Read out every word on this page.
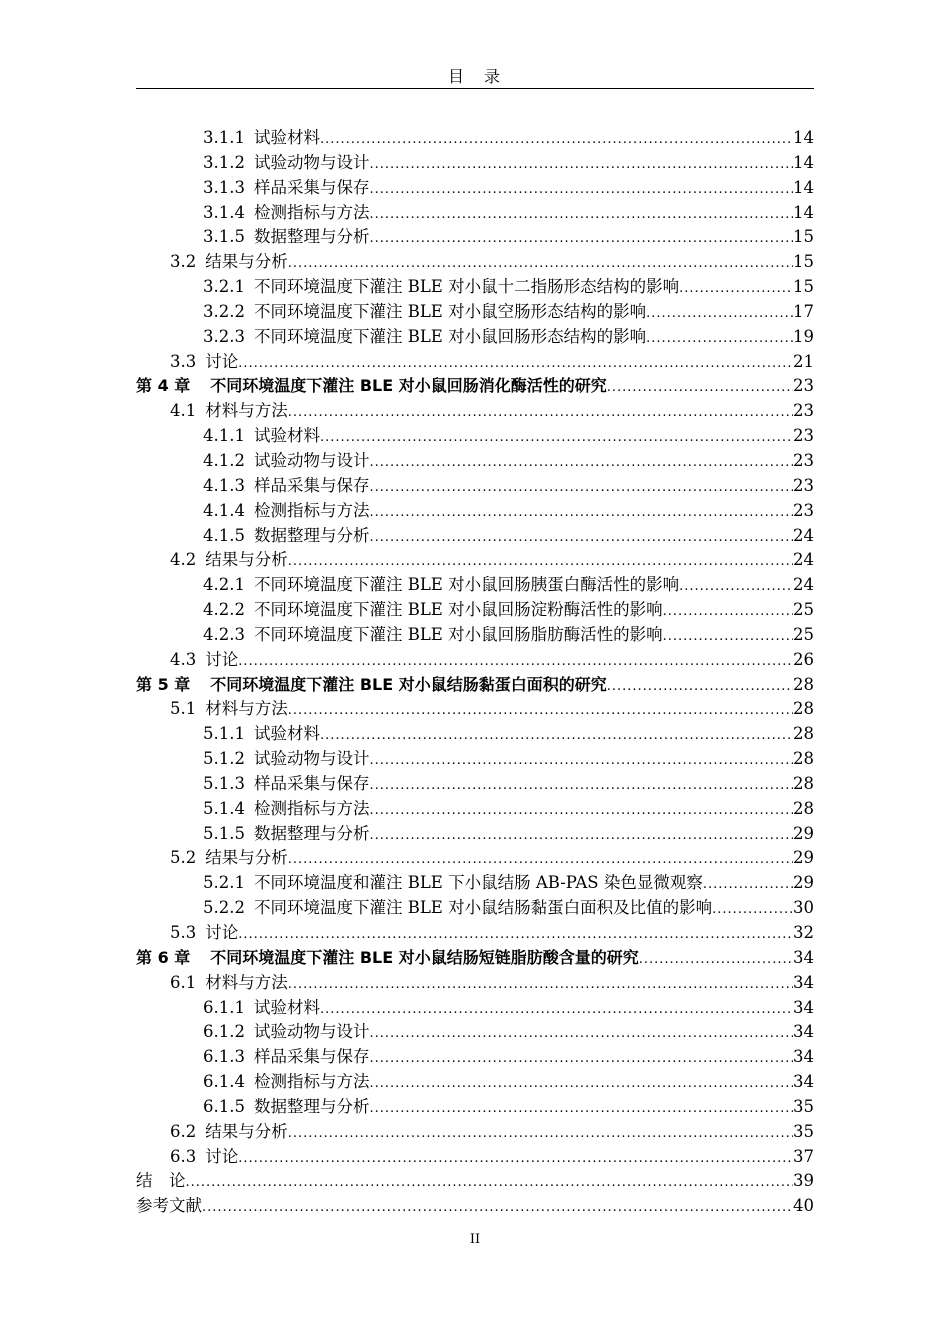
目　录
3.1.1 试验材料 .....	14
3.1.2 试验动物与设计 .....	14
3.1.3 样品采集与保存 .....	14
3.1.4 检测指标与方法 .....	14
3.1.5 数据整理与分析 .....	15
3.2 结果与分析 .....	15
3.2.1 不同环境温度下灌注 BLE 对小鼠十二指肠形态结构的影响 .....	15
3.2.2 不同环境温度下灌注 BLE 对小鼠空肠形态结构的影响 .....	17
3.2.3 不同环境温度下灌注 BLE 对小鼠回肠形态结构的影响 .....	19
3.3 讨论 .....	21
第 4 章 不同环境温度下灌注 BLE 对小鼠回肠消化酶活性的研究 .....	23
4.1 材料与方法 .....	23
4.1.1 试验材料 .....	23
4.1.2 试验动物与设计 .....	23
4.1.3 样品采集与保存 .....	23
4.1.4 检测指标与方法 .....	23
4.1.5 数据整理与分析 .....	24
4.2 结果与分析 .....	24
4.2.1 不同环境温度下灌注 BLE 对小鼠回肠胰蛋白酶活性的影响 .....	24
4.2.2 不同环境温度下灌注 BLE 对小鼠回肠淀粉酶活性的影响 .....	25
4.2.3 不同环境温度下灌注 BLE 对小鼠回肠脂肪酶活性的影响 .....	25
4.3 讨论 .....	26
第 5 章 不同环境温度下灌注 BLE 对小鼠结肠黏蛋白面积的研究 .....	28
5.1 材料与方法 .....	28
5.1.1 试验材料 .....	28
5.1.2 试验动物与设计 .....	28
5.1.3 样品采集与保存 .....	28
5.1.4 检测指标与方法 .....	28
5.1.5 数据整理与分析 .....	29
5.2 结果与分析 .....	29
5.2.1 不同环境温度和灌注 BLE 下小鼠结肠 AB-PAS 染色显微观察 .....	29
5.2.2 不同环境温度下灌注 BLE 对小鼠结肠黏蛋白面积及比值的影响 .....	30
5.3 讨论 .....	32
第 6 章 不同环境温度下灌注 BLE 对小鼠结肠短链脂肪酸含量的研究 .....	34
6.1 材料与方法 .....	34
6.1.1 试验材料 .....	34
6.1.2 试验动物与设计 .....	34
6.1.3 样品采集与保存 .....	34
6.1.4 检测指标与方法 .....	34
6.1.5 数据整理与分析 .....	35
6.2 结果与分析 .....	35
6.3 讨论 .....	37
结　论 .....	39
参考文献 .....	40
II
